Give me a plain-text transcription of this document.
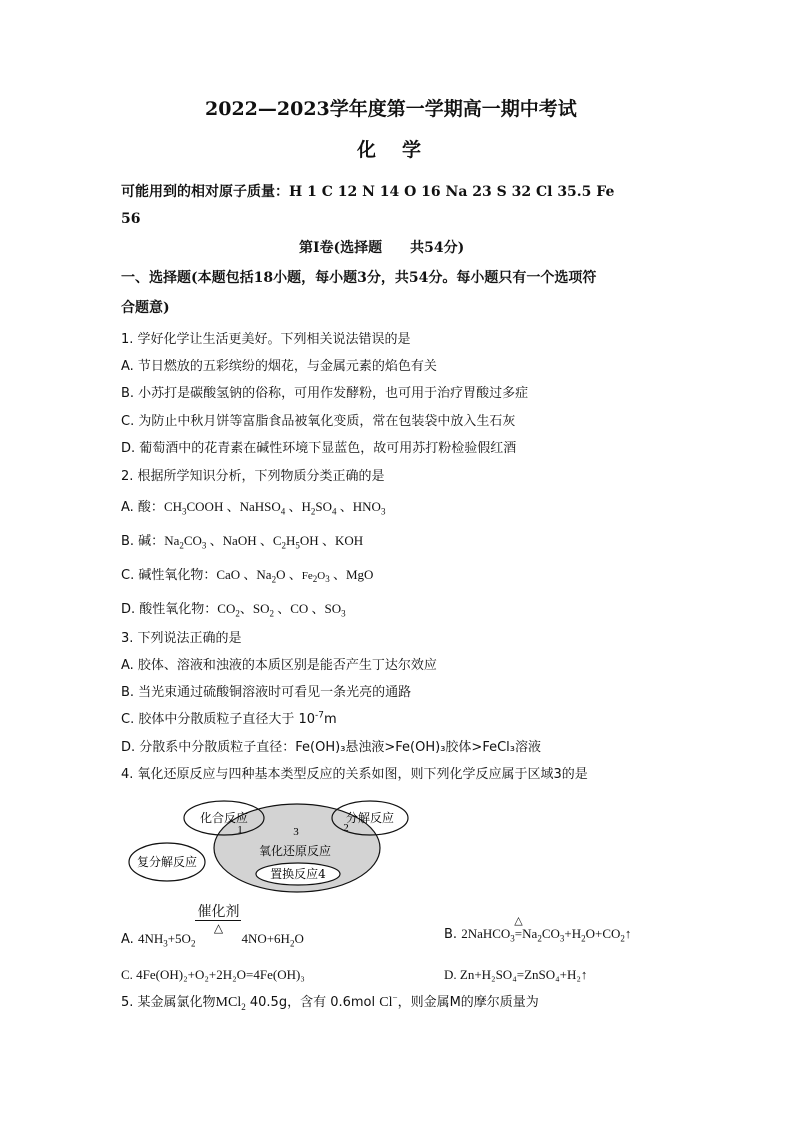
2022—2023学年度第一学期高一期中考试
化学
可能用到的相对原子质量：H 1 C 12 N 14 O 16 Na 23 S 32 Cl 35.5 Fe
56
第Ⅰ卷(选择题　　共54分)
一、选择题(本题包括18小题，每小题3分，共54分。每小题只有一个选项符
合题意)
1. 学好化学让生活更美好。下列相关说法错误的是
A. 节日燃放的五彩缤纷的烟花，与金属元素的焰色有关
B. 小苏打是碳酸氢钠的俗称，可用作发酵粉，也可用于治疗胃酸过多症
C. 为防止中秋月饼等富脂食品被氧化变质，常在包装袋中放入生石灰
D. 葡萄酒中的花青素在碱性环境下显蓝色，故可用苏打粉检验假红酒
2. 根据所学知识分析，下列物质分类正确的是
A. 酸：$CH_3COOH$ 、NaHSO$_4$ 、$H_2SO_4$ 、$HNO_3$
B. 碱：$Na_2CO_3$ 、NaOH 、$C_2H_5OH$ 、KOH
C. 碱性氧化物：CaO 、$Na_2O$ 、$Fe_2O_3$ 、MgO
D. 酸性氧化物：$CO_2$、$SO_2$ 、CO 、$SO_3$
3. 下列说法正确的是
A. 胶体、溶液和浊液的本质区别是能否产生丁达尔效应
B. 当光束通过硫酸铜溶液时可看见一条光亮的通路
C. 胶体中分散质粒子直径大于 $10^{-7}m$
D. 分散系中分散质粒子直径：Fe(OH)₃悬浊液>Fe(OH)₃胶体>FeCl₃溶液
4. 氧化还原反应与四种基本类型反应的关系如图，则下列化学反应属于区域3的是
化合反应	分解反应
复分解反应
氧化还原反应
置换反应4
1	2
3
A. $4NH_3+5O_2$
$\frac{\text{催化剂}}{\triangle}$
$4NO+6H_2O$	B. 2NaHCO$_3$
△
$=Na_2CO_3+H_2O+CO_2↑$
C. 4Fe(OH)₂+O₂+2H₂O=4Fe(OH)₃	D. Zn+H₂SO₄=ZnSO₄+H₂↑
5. 某金属氯化物MCl$_2$ 40.5g，含有 0.6mol Cl−，则金属M的摩尔质量为
